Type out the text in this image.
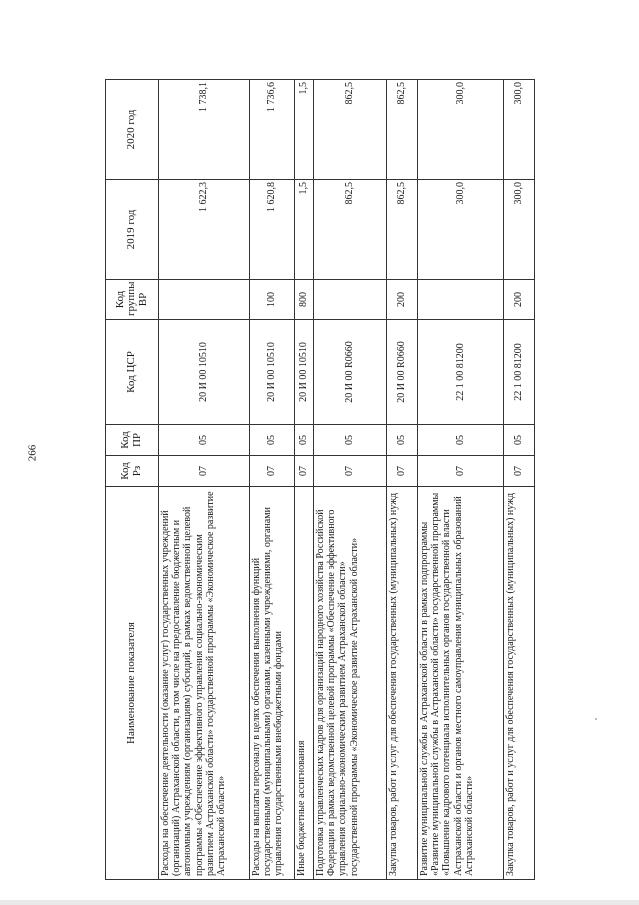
266
Наименование показателя	Код Рз	Код ПР	Код ЦСР	Код группы ВР	2019 год	2020 год
Расходы на обеспечение деятельности (оказание услуг) государственных учреждений (организаций) Астраханской области, в том числе на предоставление бюджетным и автономным учреждениям (организациям) субсидий, в рамках ведомственной целевой программы «Обеспечение эффективного управления социально-экономическим развитием Астраханской области» государственной программы «Экономическое развитие Астраханской области»	07	05	20 И 00 10510		1 622,3	1 738,1
Расходы на выплаты персоналу в целях обеспечения выполнения функций государственными (муниципальными) органами, казенными учреждениями, органами управления государственными внебюджетными фондами	07	05	20 И 00 10510	100	1 620,8	1 736,6
Иные бюджетные ассигнования	07	05	20 И 00 10510	800	1,5	1,5
Подготовка управленческих кадров для организаций народного хозяйства Российской Федерации в рамках ведомственной целевой программы «Обеспечение эффективного управления социально-экономическим развитием Астраханской области» государственной программы «Экономическое развитие Астраханской области»	07	05	20 И 00 R0660		862,5	862,5
Закупка товаров, работ и услуг для обеспечения государственных (муниципальных) нужд	07	05	20 И 00 R0660	200	862,5	862,5
Развитие муниципальной службы в Астраханской области в рамках подпрограммы «Развитие муниципальной службы в Астраханской области» государственной программы «Повышение кадрового потенциала исполнительных органов государственной власти Астраханской области и органов местного самоуправления муниципальных образований Астраханской области»	07	05	22 1 00 81200		300,0	300,0
Закупка товаров, работ и услуг для обеспечения государственных (муниципальных) нужд	07	05	22 1 00 81200	200	300,0	300,0
